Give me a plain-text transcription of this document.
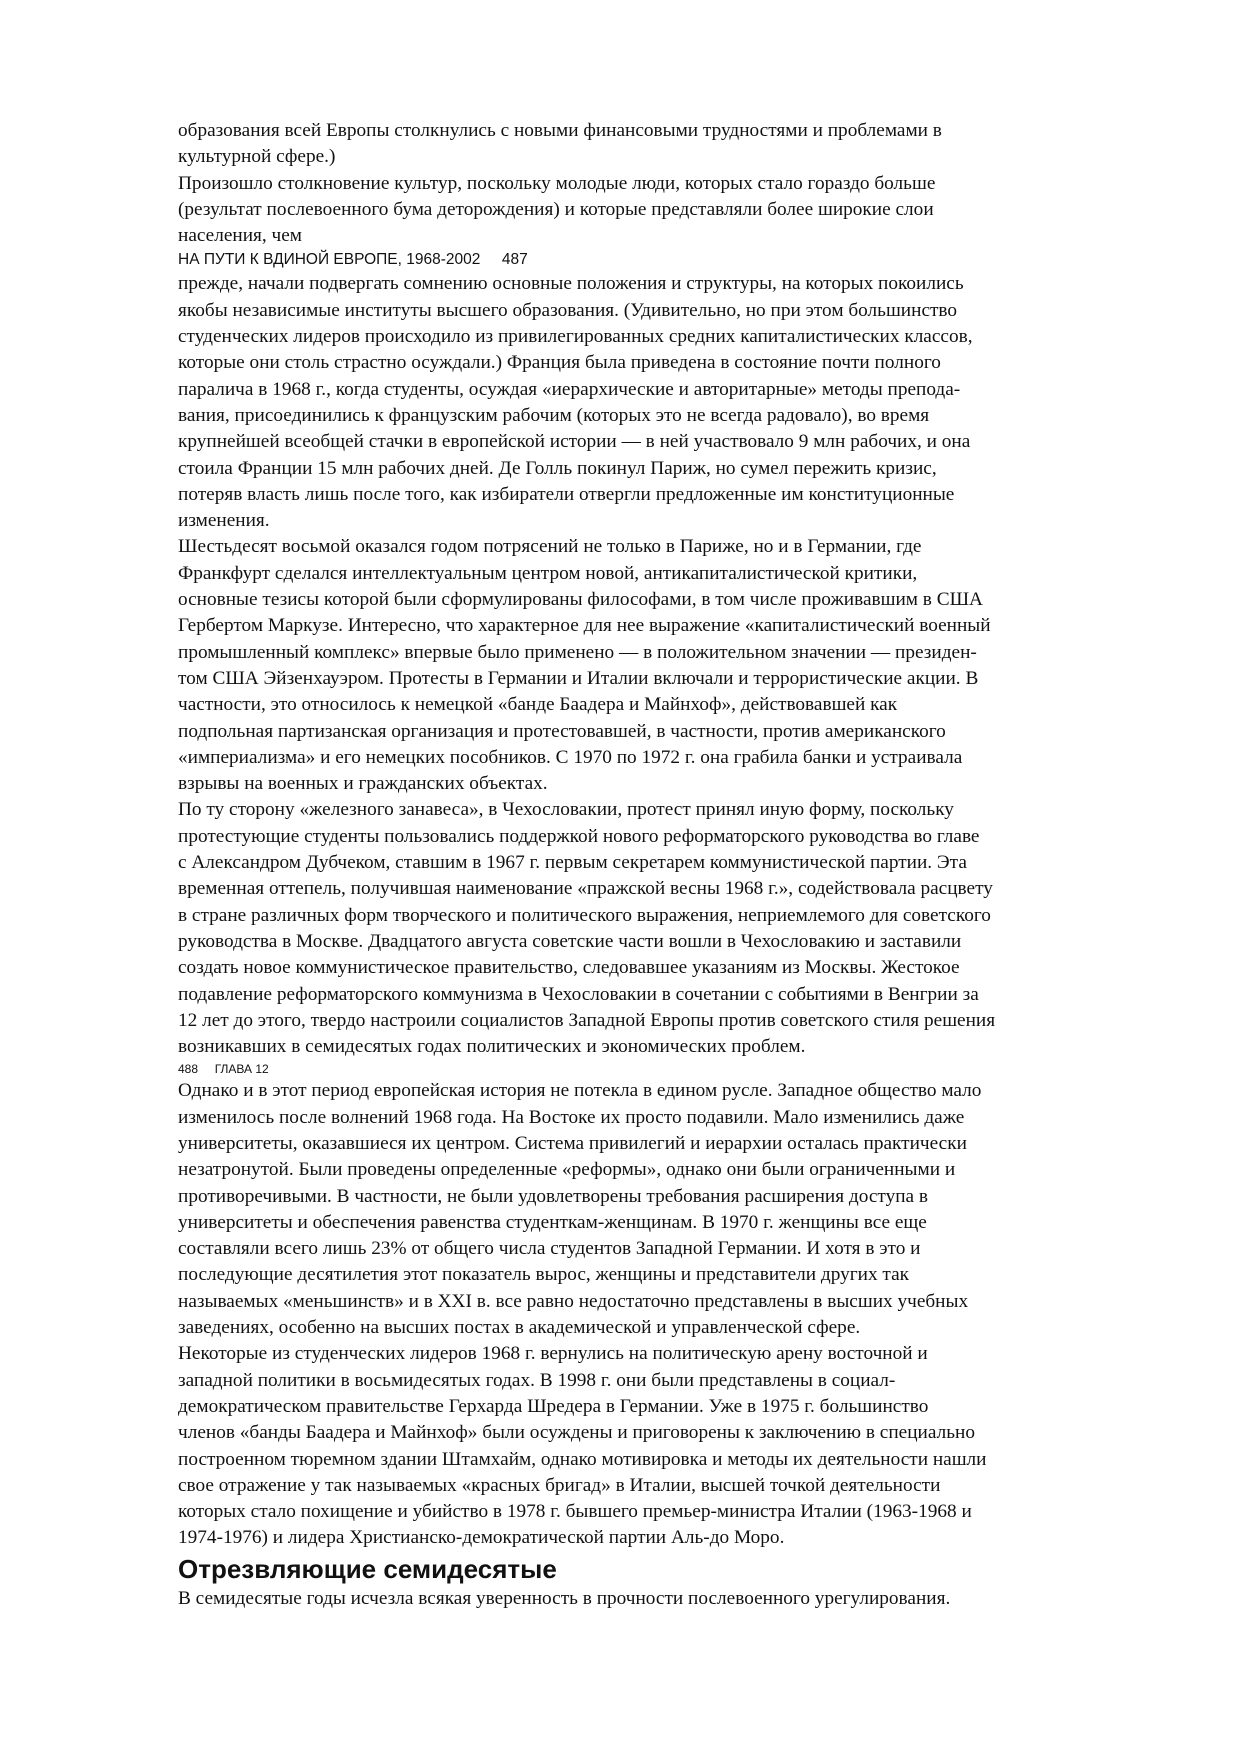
образования всей Европы столкнулись с новыми финансовыми трудностями и проблемами в
культурной сфере.)

Произошло столкновение культур, поскольку молодые люди, которых стало гораздо больше
(результат послевоенного бума деторождения) и которые представляли более широкие слои
населения, чем

НА ПУТИ К ВДИНОЙ ЕВРОПЕ, 1968-2002     487

прежде, начали подвергать сомнению основные положения и структуры, на которых покоились
якобы независимые институты высшего образования. (Удивительно, но при этом большинство
студенческих лидеров происходило из привилегированных средних капиталистических классов,
которые они столь страстно осуждали.) Франция была приведена в состояние почти полного
паралича в 1968 г., когда студенты, осуждая «иерархические и авторитарные» методы препода-
вания, присоединились к французским рабочим (которых это не всегда радовало), во время
крупнейшей всеобщей стачки в европейской истории — в ней участвовало 9 млн рабочих, и она
стоила Франции 15 млн рабочих дней. Де Голль покинул Париж, но сумел пережить кризис,
потеряв власть лишь после того, как избиратели отвергли предложенные им конституционные
изменения.

Шестьдесят восьмой оказался годом потрясений не только в Париже, но и в Германии, где
Франкфурт сделался интеллектуальным центром новой, антикапиталистической критики,
основные тезисы которой были сформулированы философами, в том числе проживавшим в США
Гербертом Маркузе. Интересно, что характерное для нее выражение «капиталистический военный
промышленный комплекс» впервые было применено — в положительном значении — президен-
том США Эйзенхауэром. Протесты в Германии и Италии включали и террористические акции. В
частности, это относилось к немецкой «банде Баадера и Майнхоф», действовавшей как
подпольная партизанская организация и протестовавшей, в частности, против американского
«империализма» и его немецких пособников. С 1970 по 1972 г. она грабила банки и устраивала
взрывы на военных и гражданских объектах.

По ту сторону «железного занавеса», в Чехословакии, протест принял иную форму, поскольку
протестующие студенты пользовались поддержкой нового реформаторского руководства во главе
с Александром Дубчеком, ставшим в 1967 г. первым секретарем коммунистической партии. Эта
временная оттепель, получившая наименование «пражской весны 1968 г.», содействовала расцвету
в стране различных форм творческого и политического выражения, неприемлемого для советского
руководства в Москве. Двадцатого августа советские части вошли в Чехословакию и заставили
создать новое коммунистическое правительство, следовавшее указаниям из Москвы. Жестокое
подавление реформаторского коммунизма в Чехословакии в сочетании с событиями в Венгрии за
12 лет до этого, твердо настроили социалистов Западной Европы против советского стиля решения
возникавших в семидесятых годах политических и экономических проблем.

488     ГЛАВА 12

Однако и в этот период европейская история не потекла в едином русле. Западное общество мало
изменилось после волнений 1968 года. На Востоке их просто подавили. Мало изменились даже
университеты, оказавшиеся их центром. Система привилегий и иерархии осталась практически
незатронутой. Были проведены определенные «реформы», однако они были ограниченными и
противоречивыми. В частности, не были удовлетворены требования расширения доступа в
университеты и обеспечения равенства студенткам-женщинам. В 1970 г. женщины все еще
составляли всего лишь 23% от общего числа студентов Западной Германии. И хотя в это и
последующие десятилетия этот показатель вырос, женщины и представители других так
называемых «меньшинств» и в XXI в. все равно недостаточно представлены в высших учебных
заведениях, особенно на высших постах в академической и управленческой сфере.

Некоторые из студенческих лидеров 1968 г. вернулись на политическую арену восточной и
западной политики в восьмидесятых годах. В 1998 г. они были представлены в социал-
демократическом правительстве Герхарда Шредера в Германии. Уже в 1975 г. большинство
членов «банды Баадера и Майнхоф» были осуждены и приговорены к заключению в специально
построенном тюремном здании Штамхайм, однако мотивировка и методы их деятельности нашли
свое отражение у так называемых «красных бригад» в Италии, высшей точкой деятельности
которых стало похищение и убийство в 1978 г. бывшего премьер-министра Италии (1963-1968 и
1974-1976) и лидера Христианско-демократической партии Аль-до Моро.

Отрезвляющие семидесятые

В семидесятые годы исчезла всякая уверенность в прочности послевоенного урегулирования.
